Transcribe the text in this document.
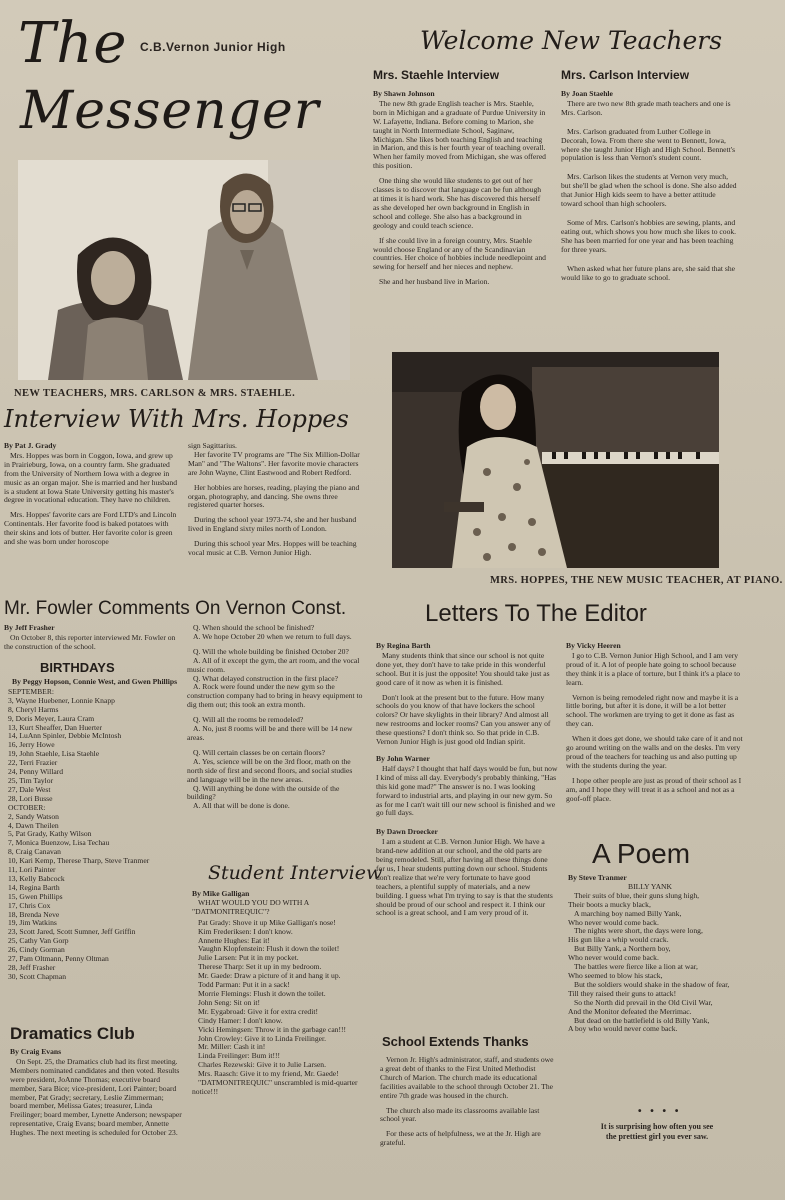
The C.B.Vernon Junior High
Messenger
Welcome New Teachers
Mrs. Staehle Interview

By Shawn Johnson

The new 8th grade English teacher is Mrs. Staehle, born in Michigan and a graduate of Purdue University in W. Lafayette, Indiana. Before coming to Marion, she taught in North Intermediate School, Saginaw, Michigan. She likes both teaching English and teaching in Marion, and this is her fourth year of teaching overall. When her family moved from Michigan, she was offered this position.

One thing she would like students to get out of her classes is to discover that language can be fun although at times it is hard work. She has discovered this herself as she developed her own background in English in school and college. She also has a background in geology and could teach science.

If she could live in a foreign country, Mrs. Staehle would choose England or any of the Scandinavian countries. Her choice of hobbies include needlepoint and sewing for herself and her nieces and nephew.

She and her husband live in Marion.

Mrs. Carlson Interview

By Joan Staehle

There are two new 8th grade math teachers and one is Mrs. Carlson.

Mrs. Carlson graduated from Luther College in Decorah, Iowa. From there she went to Bennett, Iowa, where she taught Junior High and High School. Bennett's population is less than Vernon's student count.

Mrs. Carlson likes the students at Vernon very much, but she'll be glad when the school is done. She also added that Junior High kids seem to have a better attitude toward school than high schoolers.

Some of Mrs. Carlson's hobbies are sewing, plants, and eating out, which shows you how much she likes to cook. She has been married for one year and has been teaching for three years.

When asked what her future plans are, she said that she would like to go to graduate school.

NEW TEACHERS, MRS. CARLSON & MRS. STAEHLE.
Interview With Mrs. Hoppes

By Pat J. Grady

Mrs. Hoppes was born in Coggon, Iowa, and grew up in Prairieburg, Iowa, on a country farm. She graduated from the University of Northern Iowa with a degree in music as an organ major. She is married and her husband is a student at Iowa State University getting his master's degree in vocational education. They have no children.

Mrs. Hoppes' favorite cars are Ford LTD's and Lincoln Continentals. Her favorite food is baked potatoes with their skins and lots of butter. Her favorite color is green and she was born under horoscope

sign Sagittarius.

Her favorite TV programs are "The Six Million-Dollar Man" and "The Waltons". Her favorite movie characters are John Wayne, Clint Eastwood and Robert Redford.

Her hobbies are horses, reading, playing the piano and organ, photography, and dancing. She owns three registered quarter horses.

During the school year 1973-74, she and her husband lived in England sixty miles north of London.

During this school year Mrs. Hoppes will be teaching vocal music at C.B. Vernon Junior High.

MRS. HOPPES, THE NEW MUSIC TEACHER, AT PIANO.
Mr. Fowler Comments On Vernon Const.

By Jeff Frasher

On October 8, this reporter interviewed Mr. Fowler on the construction of the school.

Q. When should the school be finished?

A. We hope October 20 when we return to full days.

Q. Will the whole building be finished October 20?

A. All of it except the gym, the art room, and the vocal music room.

Q. What delayed construction in the first place?

A. Rock were found under the new gym so the construction company had to bring in heavy equipment to dig them out; this took an extra month.

Q. Will all the rooms be remodeled?

A. No, just 8 rooms will be and there will be 14 new areas.

Q. Will certain classes be on certain floors?

A. Yes, science will be on the 3rd floor, math on the north side of first and second floors, and social studies and language will be in the new areas.

Q. Will anything be done with the outside of the building?

A. All that will be done is done.

BIRTHDAYS

By Peggy Hopson, Connie West, and Gwen Phillips

SEPTEMBER:
3, Wayne Huebener, Lonnie Knapp
8, Cheryl Harms
9, Doris Meyer, Laura Cram
13, Kurt Sheaffer, Dan Huerter
14, LuAnn Spinler, Debbie McIntosh
16, Jerry Howe
19, John Staehle, Lisa Staehle
22, Terri Frazier
24, Penny Willard
25, Tim Taylor
27, Dale West
28, Lori Busse
OCTOBER:
2, Sandy Watson
4, Dawn Theilen
5, Pat Grady, Kathy Wilson
7, Monica Buenzow, Lisa Techau
8, Craig Canavan
10, Kari Kemp, Therese Tharp, Steve Tranmer
11, Lori Painter
13, Kelly Babcock
14, Regina Barth
15, Gwen Phillips
17, Chris Cox
18, Brenda Neve
19, Jim Watkins
23, Scott Jared, Scott Sumner, Jeff Griffin
25, Cathy Van Gorp
26, Cindy Gorman
27, Pam Oltmann, Penny Oltman
28, Jeff Frasher
30, Scott Chapman
Student Interview

By Mike Galligan

WHAT WOULD YOU DO WITH A "DATMONITREQUIC"?

Pat Grady: Shove it up Mike Galligan's nose!

Kim Frederiksen: I don't know.

Annette Hughes: Eat it!

Vaughn Klopfenstein: Flush it down the toilet!

Julie Larsen: Put it in my pocket.

Therese Tharp: Set it up in my bedroom.

Mr. Gaede: Draw a picture of it and hang it up.

Todd Parman: Put it in a sack!

Morrie Flemings: Flush it down the toilet.

John Seng: Sit on it!

Mr. Eygabroad: Give it for extra credit!

Cindy Hamer: I don't know.

Vicki Hemingsen: Throw it in the garbage can!!!

John Crowley: Give it to Linda Freilinger.

Mr. Miller: Cash it in!

Linda Freilinger: Bum it!!!

Charles Rezewski: Give it to Julie Larsen.

Mrs. Raasch: Give it to my friend, Mr. Gaede!

"DATMONITREQUIC" unscrambled is mid-quarter notice!!!

Dramatics Club

By Craig Evans

On Sept. 25, the Dramatics club had its first meeting. Members nominated candidates and then voted. Results were president, JoAnne Thomas; executive board member, Sara Bice; vice-president, Lori Painter; board member, Pat Grady; secretary, Leslie Zimmerman; board member, Melissa Gates; treasurer, Linda Freilinger; board member, Lynette Anderson; newspaper representative, Craig Evans; board member, Annette Hughes. The next meeting is scheduled for October 23.

Letters To The Editor

By Regina Barth

Many students think that since our school is not quite done yet, they don't have to take pride in this wonderful school. But it is just the opposite! You should take just as good care of it now as when it is finished.

Don't look at the present but to the future. How many schools do you know of that have lockers the school colors? Or have skylights in their library? And almost all new restrooms and locker rooms? Can you answer any of these questions? I don't think so. So that pride in C.B. Vernon Junior High is just good old Indian spirit.

By John Warner

Half days? I thought that half days would be fun, but now I kind of miss all day. Everybody's probably thinking, "Has this kid gone mad?" The answer is no. I was looking forward to industrial arts, and playing in our new gym. So as for me I can't wait till our new school is finished and we go full days.

By Dawn Droecker

I am a student at C.B. Vernon Junior High. We have a brand-new addition at our school, and the old parts are being remodeled. Still, after having all these things done for us, I hear students putting down our school. Students don't realize that we're very fortunate to have good teachers, a plentiful supply of materials, and a new building. I guess what I'm trying to say is that the students should be proud of our school and respect it. I think our school is a great school, and I am very proud of it.

By Vicky Heeren

I go to C.B. Vernon Junior High School, and I am very proud of it. A lot of people hate going to school because they think it is a place of torture, but I think it's a place to learn.

Vernon is being remodeled right now and maybe it is a little boring, but after it is done, it will be a lot better school. The workmen are trying to get it done as fast as they can.

When it does get done, we should take care of it and not go around writing on the walls and on the desks. I'm very proud of the teachers for teaching us and also putting up with the students during the year.

I hope other people are just as proud of their school as I am, and I hope they will treat it as a school and not as a goof-off place.

School Extends Thanks

Vernon Jr. High's administrator, staff, and students owe a great debt of thanks to the First United Methodist Church of Marion. The church made its educational facilities available to the school through October 21. The entire 7th grade was housed in the church.

The church also made its classrooms available last school year.

For these acts of helpfulness, we at the Jr. High are grateful.

A Poem

By Steve Tranmer

BILLY YANK
Their suits of blue, their guns slung high,
Their boots a mucky black,
A marching boy named Billy Yank,
Who never would come back.
The nights were short, the days were long,
His gun like a whip would crack.
But Billy Yank, a Northern boy,
Who never would come back.
The battles were fierce like a lion at war,
Who seemed to blow his stack,
But the soldiers would shake in the shadow of fear,
Till they raised their guns to attack!
So the North did prevail in the Old Civil War,
And the Monitor defeated the Merrimac.
But dead on the battlefield is old Billy Yank,
A boy who would never come back.
• • • •
It is surprising how often you see the prettiest girl you ever saw.
